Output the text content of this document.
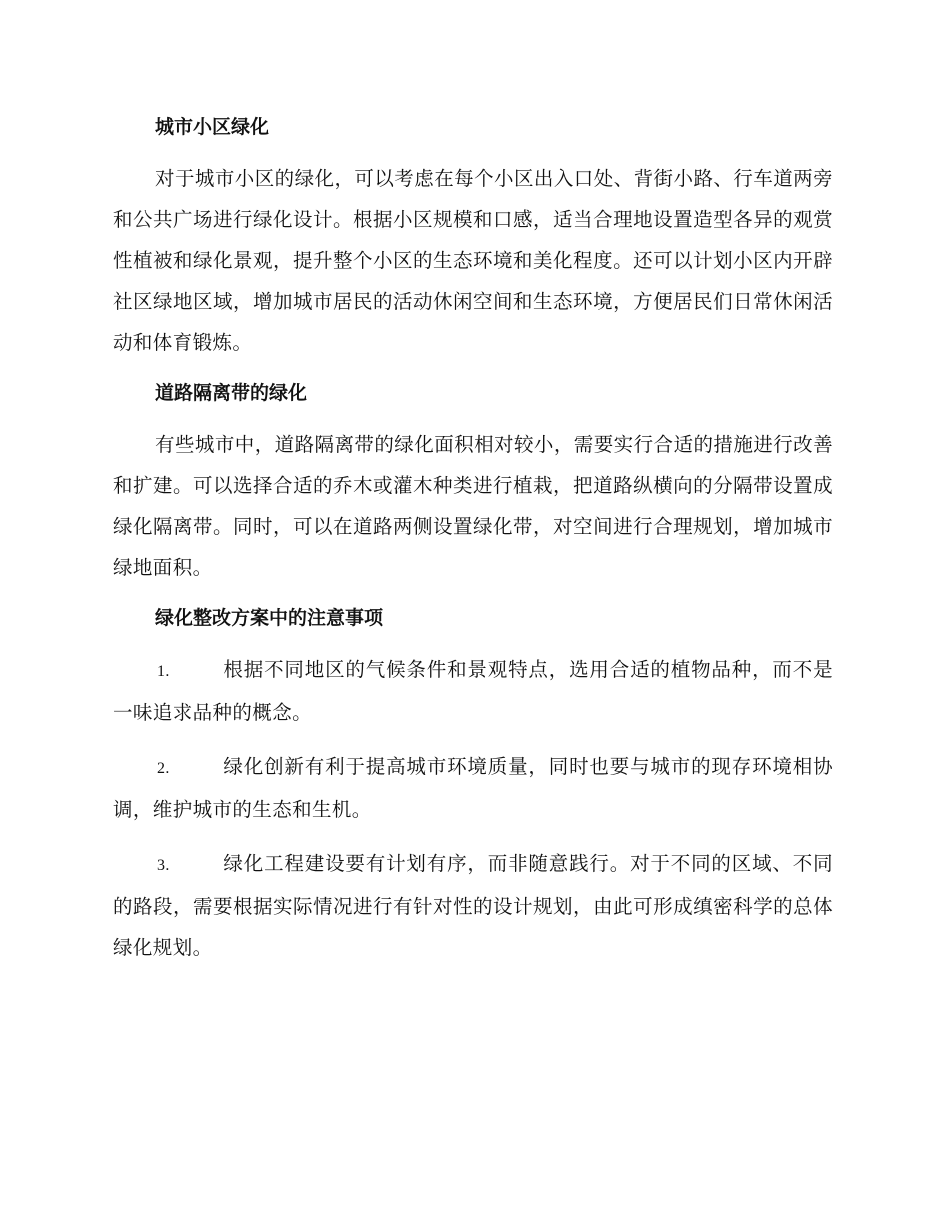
城市小区绿化

对于城市小区的绿化，可以考虑在每个小区出入口处、背街小路、行车道两旁和公共广场进行绿化设计。根据小区规模和口感，适当合理地设置造型各异的观赏性植被和绿化景观，提升整个小区的生态环境和美化程度。还可以计划小区内开辟社区绿地区域，增加城市居民的活动休闲空间和生态环境，方便居民们日常休闲活动和体育锻炼。

道路隔离带的绿化

有些城市中，道路隔离带的绿化面积相对较小，需要实行合适的措施进行改善和扩建。可以选择合适的乔木或灌木种类进行植栽，把道路纵横向的分隔带设置成绿化隔离带。同时，可以在道路两侧设置绿化带，对空间进行合理规划，增加城市绿地面积。

绿化整改方案中的注意事项

1.	根据不同地区的气候条件和景观特点，选用合适的植物品种，而不是一味追求品种的概念。

2.	绿化创新有利于提高城市环境质量，同时也要与城市的现存环境相协调，维护城市的生态和生机。

3.	绿化工程建设要有计划有序，而非随意践行。对于不同的区域、不同的路段，需要根据实际情况进行有针对性的设计规划，由此可形成缜密科学的总体绿化规划。
